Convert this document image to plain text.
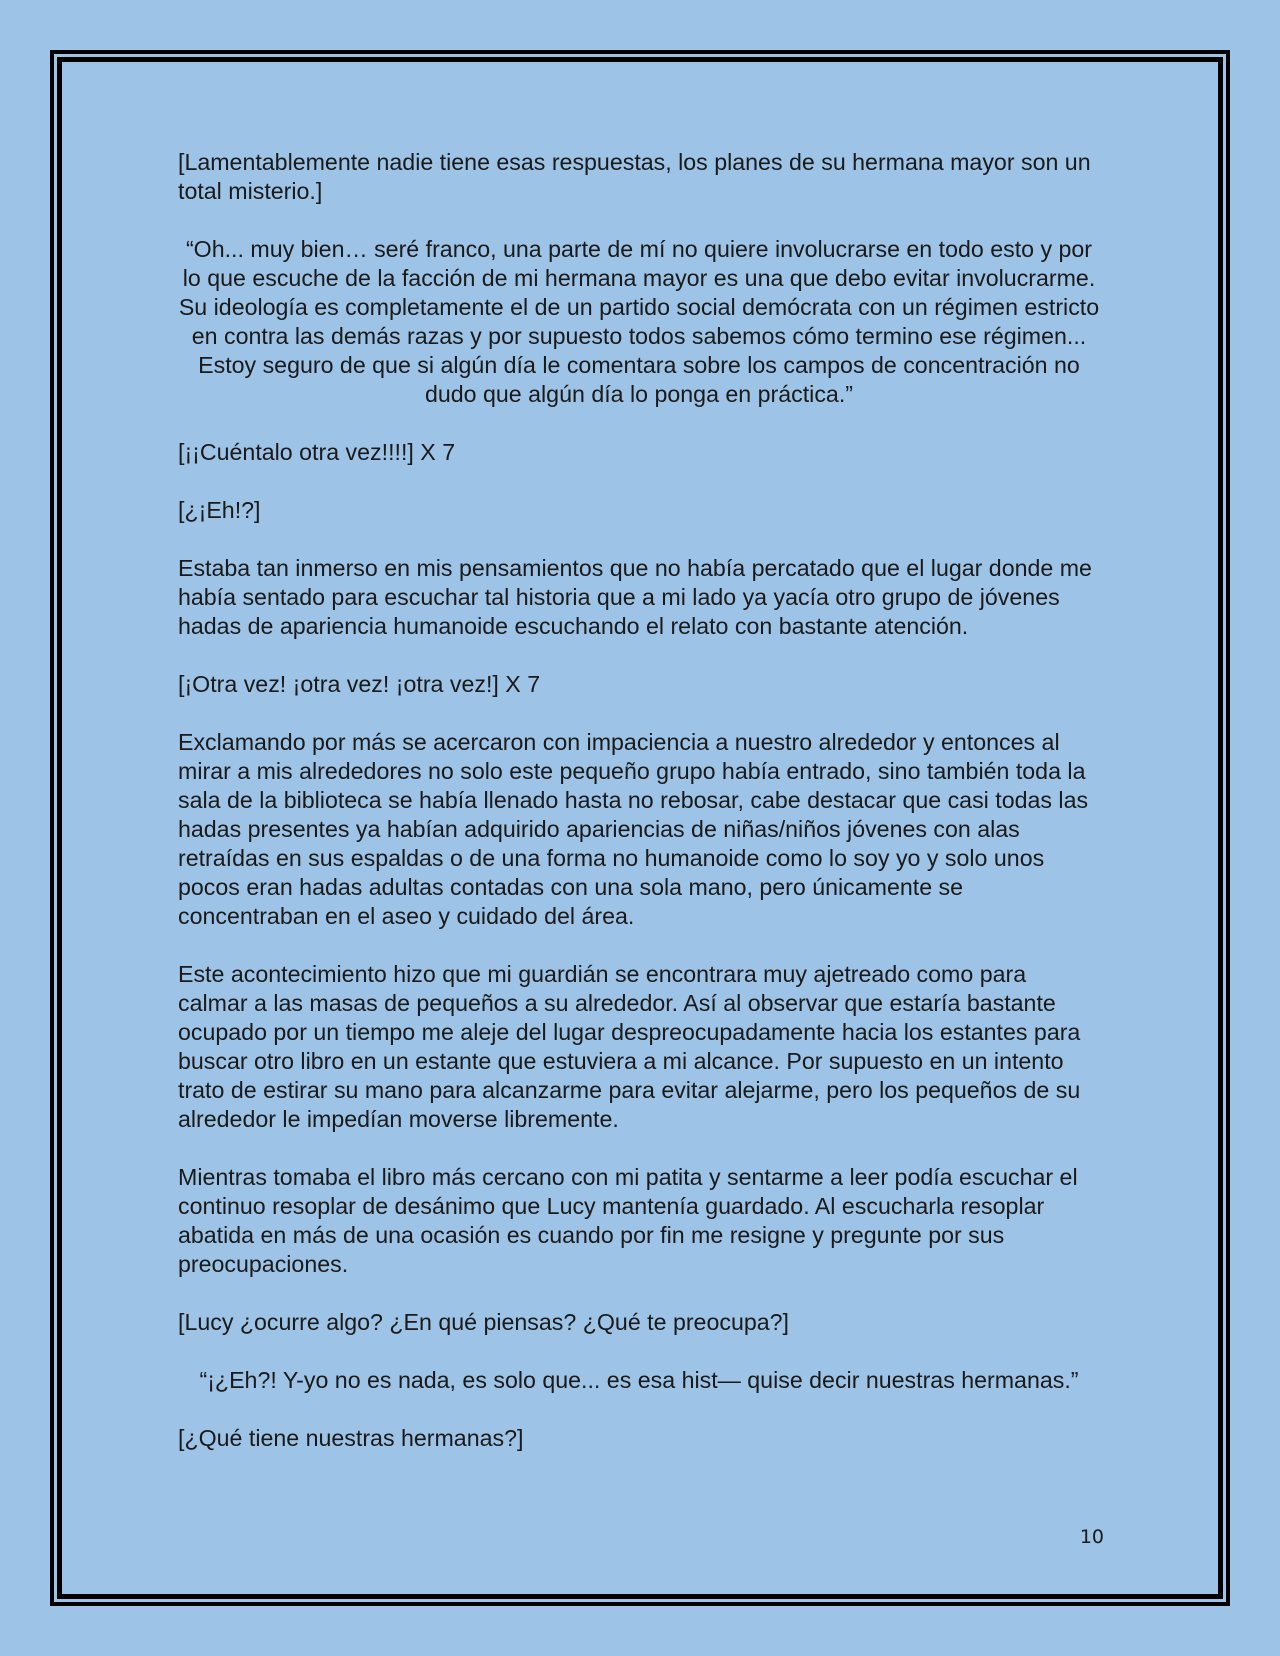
[Lamentablemente nadie tiene esas respuestas, los planes de su hermana mayor son un total misterio.]

“Oh... muy bien… seré franco, una parte de mí no quiere involucrarse en todo esto y por lo que escuche de la facción de mi hermana mayor es una que debo evitar involucrarme. Su ideología es completamente el de un partido social demócrata con un régimen estricto en contra las demás razas y por supuesto todos sabemos cómo termino ese régimen... Estoy seguro de que si algún día le comentara sobre los campos de concentración no dudo que algún día lo ponga en práctica.”

[¡¡Cuéntalo otra vez!!!!] X 7

[¿¡Eh!?]

Estaba tan inmerso en mis pensamientos que no había percatado que el lugar donde me había sentado para escuchar tal historia que a mi lado ya yacía otro grupo de jóvenes hadas de apariencia humanoide escuchando el relato con bastante atención.

[¡Otra vez! ¡otra vez! ¡otra vez!] X 7

Exclamando por más se acercaron con impaciencia a nuestro alrededor y entonces al mirar a mis alrededores no solo este pequeño grupo había entrado, sino también toda la sala de la biblioteca se había llenado hasta no rebosar, cabe destacar que casi todas las hadas presentes ya habían adquirido apariencias de niñas/niños jóvenes con alas retraídas en sus espaldas o de una forma no humanoide como lo soy yo y solo unos pocos eran hadas adultas contadas con una sola mano, pero únicamente se concentraban en el aseo y cuidado del área.

Este acontecimiento hizo que mi guardián se encontrara muy ajetreado como para calmar a las masas de pequeños a su alrededor. Así al observar que estaría bastante ocupado por un tiempo me aleje del lugar despreocupadamente hacia los estantes para buscar otro libro en un estante que estuviera a mi alcance. Por supuesto en un intento trato de estirar su mano para alcanzarme para evitar alejarme, pero los pequeños de su alrededor le impedían moverse libremente.

Mientras tomaba el libro más cercano con mi patita y sentarme a leer podía escuchar el continuo resoplar de desánimo que Lucy mantenía guardado. Al escucharla resoplar abatida en más de una ocasión es cuando por fin me resigne y pregunte por sus preocupaciones.

[Lucy ¿ocurre algo? ¿En qué piensas? ¿Qué te preocupa?]

“¡¿Eh?! Y-yo no es nada, es solo que... es esa hist— quise decir nuestras hermanas.”

[¿Qué tiene nuestras hermanas?]

10
